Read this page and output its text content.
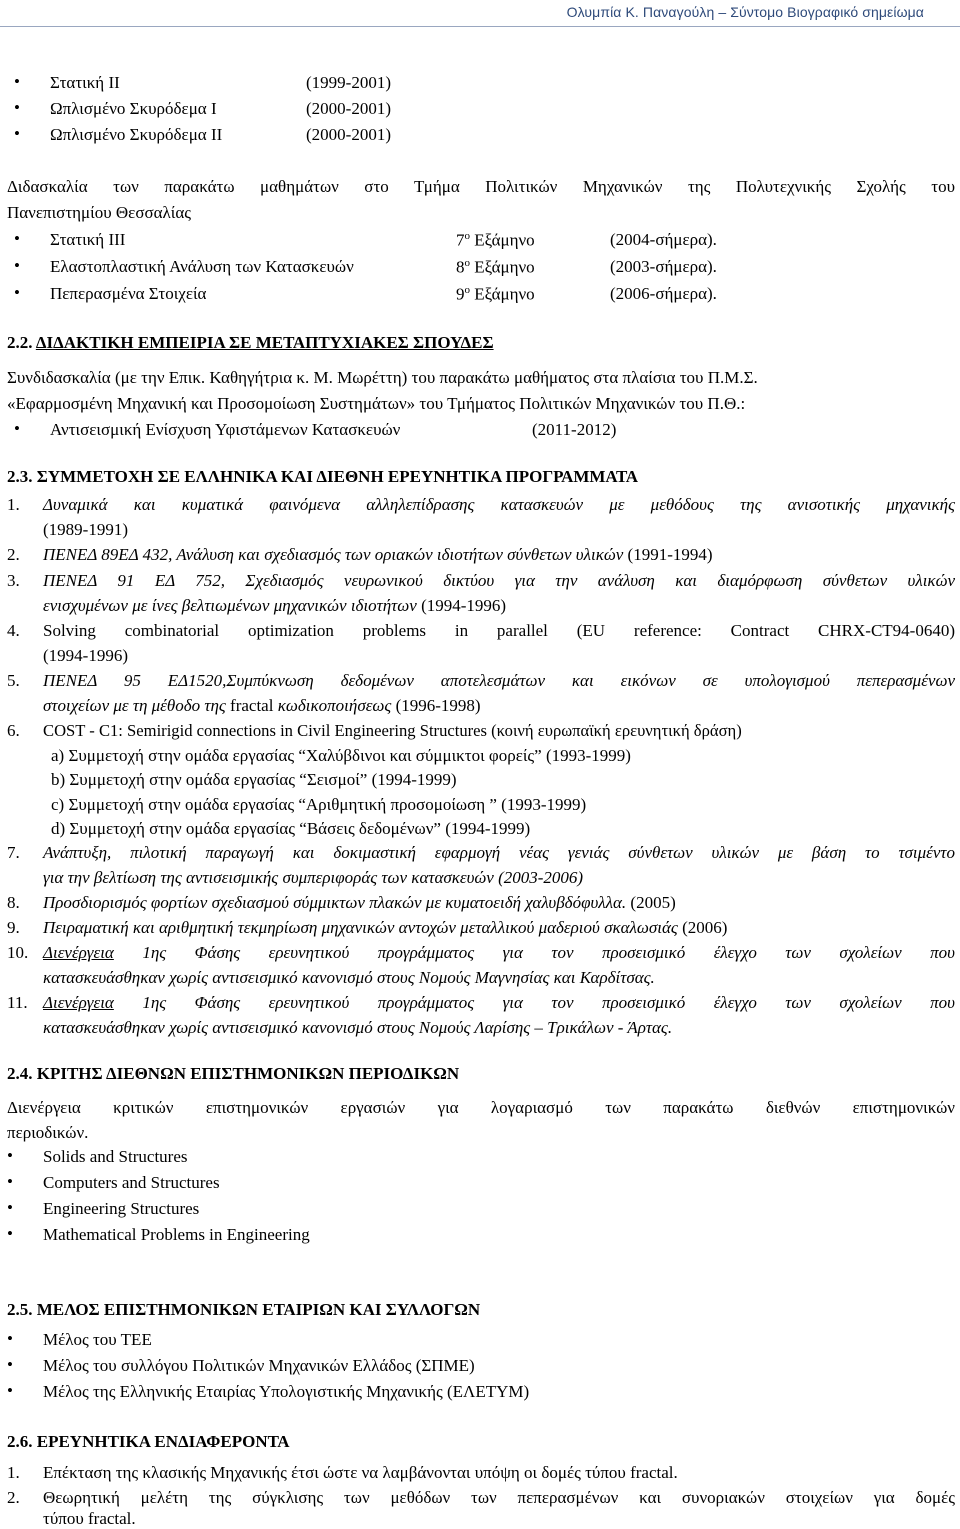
Ολυμπία Κ. Παναγούλη – Σύντομο Βιογραφικό σημείωμα
• Στατική ΙΙ	(1999-2001)
• Ωπλισμένο Σκυρόδεμα Ι	(2000-2001)
• Ωπλισμένο Σκυρόδεμα ΙΙ	(2000-2001)
Διδασκαλία των παρακάτω μαθημάτων στο Τμήμα Πολιτικών Μηχανικών της Πολυτεχνικής Σχολής του
Πανεπιστημίου Θεσσαλίας
• Στατική ΙΙΙ	$7^o$ Εξάμηνο	(2004-σήμερα).
• Ελαστοπλαστική Ανάλυση των Κατασκευών	$8^o$ Εξάμηνο	(2003-σήμερα).
• Πεπερασμένα Στοιχεία	$9^o$ Εξάμηνο	(2006-σήμερα).
2.2. ΔΙΔΑΚΤΙΚΗ ΕΜΠΕΙΡΙΑ ΣΕ ΜΕΤΑΠΤΥΧΙΑΚΕΣ ΣΠΟΥΔΕΣ
Συνδιδασκαλία (με την Επικ. Καθηγήτρια κ. Μ. Μωρέττη) του παρακάτω μαθήματος στα πλαίσια του Π.Μ.Σ.
«Εφαρμοσμένη Μηχανική και Προσομοίωση Συστημάτων» του Τμήματος Πολιτικών Μηχανικών του Π.Θ.:
• Αντισεισμική Ενίσχυση Υφιστάμενων Κατασκευών	(2011-2012)
2.3. ΣΥΜΜΕΤΟΧΗ ΣΕ ΕΛΛΗΝΙΚΑ ΚΑΙ ΔΙΕΘΝΗ ΕΡΕΥΝΗΤΙΚΑ ΠΡΟΓΡΑΜΜΑΤΑ
1. Δυναμικά και κυματικά φαινόμενα αλληλεπίδρασης κατασκευών με μεθόδους της ανισοτικής μηχανικής
(1989-1991)
2. ΠΕΝΕΔ 89ΕΔ 432, Ανάλυση και σχεδιασμός των οριακών ιδιοτήτων σύνθετων υλικών (1991-1994)
3. ΠΕΝΕΔ 91 ΕΔ 752, Σχεδιασμός νευρωνικού δικτύου για την ανάλυση και διαμόρφωση σύνθετων υλικών
ενισχυμένων με ίνες βελτιωμένων μηχανικών ιδιοτήτων (1994-1996)
4. Solving combinatorial optimization problems in parallel (EU reference: Contract CHRX-CT94-0640)
(1994-1996)
5. ΠΕΝΕΔ 95 ΕΔ1520,Συμπύκνωση δεδομένων αποτελεσμάτων και εικόνων σε υπολογισμού πεπερασμένων
στοιχείων με τη μέθοδο της fractal κωδικοποιήσεως (1996-1998)
6. COST - C1: Semirigid connections in Civil Engineering Structures (κοινή ευρωπαϊκή ερευνητική δράση)
a) Συμμετοχή στην ομάδα εργασίας “Χαλύβδινοι και σύμμικτοι φορείς” (1993-1999)
b) Συμμετοχή στην ομάδα εργασίας “Σεισμοί” (1994-1999)
c) Συμμετοχή στην ομάδα εργασίας “Αριθμητική προσομοίωση ” (1993-1999)
d) Συμμετοχή στην ομάδα εργασίας “Βάσεις δεδομένων” (1994-1999)
7. Ανάπτυξη, πιλοτική παραγωγή και δοκιμαστική εφαρμογή νέας γενιάς σύνθετων υλικών με βάση το τσιμέντο
για την βελτίωση της αντισεισμικής συμπεριφοράς των κατασκευών (2003-2006)
8. Προσδιορισμός φορτίων σχεδιασμού σύμμικτων πλακών με κυματοειδή χαλυβδόφυλλα. (2005)
9. Πειραματική και αριθμητική τεκμηρίωση μηχανικών αντοχών μεταλλικού μαδεριού σκαλωσιάς (2006)
10. Διενέργεια 1ης Φάσης ερευνητικού προγράμματος για τον προσεισμικό έλεγχο των σχολείων που
κατασκευάσθηκαν χωρίς αντισεισμικό κανονισμό στους Νομούς Μαγνησίας και Καρδίτσας.
11. Διενέργεια 1ης Φάσης ερευνητικού προγράμματος για τον προσεισμικό έλεγχο των σχολείων που
κατασκευάσθηκαν χωρίς αντισεισμικό κανονισμό στους Νομούς Λαρίσης – Τρικάλων - Άρτας.
2.4. ΚΡΙΤΗΣ ΔΙΕΘΝΩΝ ΕΠΙΣΤΗΜΟΝΙΚΩΝ ΠΕΡΙΟΔΙΚΩΝ
Διενέργεια κριτικών επιστημονικών εργασιών για λογαριασμό των παρακάτω διεθνών επιστημονικών
περιοδικών.
• Solids and Structures
• Computers and Structures
• Engineering Structures
• Mathematical Problems in Engineering
2.5. ΜΕΛΟΣ ΕΠΙΣΤΗΜΟΝΙΚΩΝ ΕΤΑΙΡΙΩΝ ΚΑΙ ΣΥΛΛΟΓΩΝ
• Μέλος του ΤΕΕ
• Μέλος του συλλόγου Πολιτικών Μηχανικών Ελλάδος (ΣΠΜΕ)
• Μέλος της Ελληνικής Εταιρίας Υπολογιστικής Μηχανικής (ΕΛΕΤΥΜ)
2.6. ΕΡΕΥΝΗΤΙΚΑ ΕΝΔΙΑΦΕΡΟΝΤΑ
1. Επέκταση της κλασικής Μηχανικής έτσι ώστε να λαμβάνονται υπόψη οι δομές τύπου fractal.
2. Θεωρητική μελέτη της σύγκλισης των μεθόδων των πεπερασμένων και συνοριακών στοιχείων για δομές
τύπου fractal.
